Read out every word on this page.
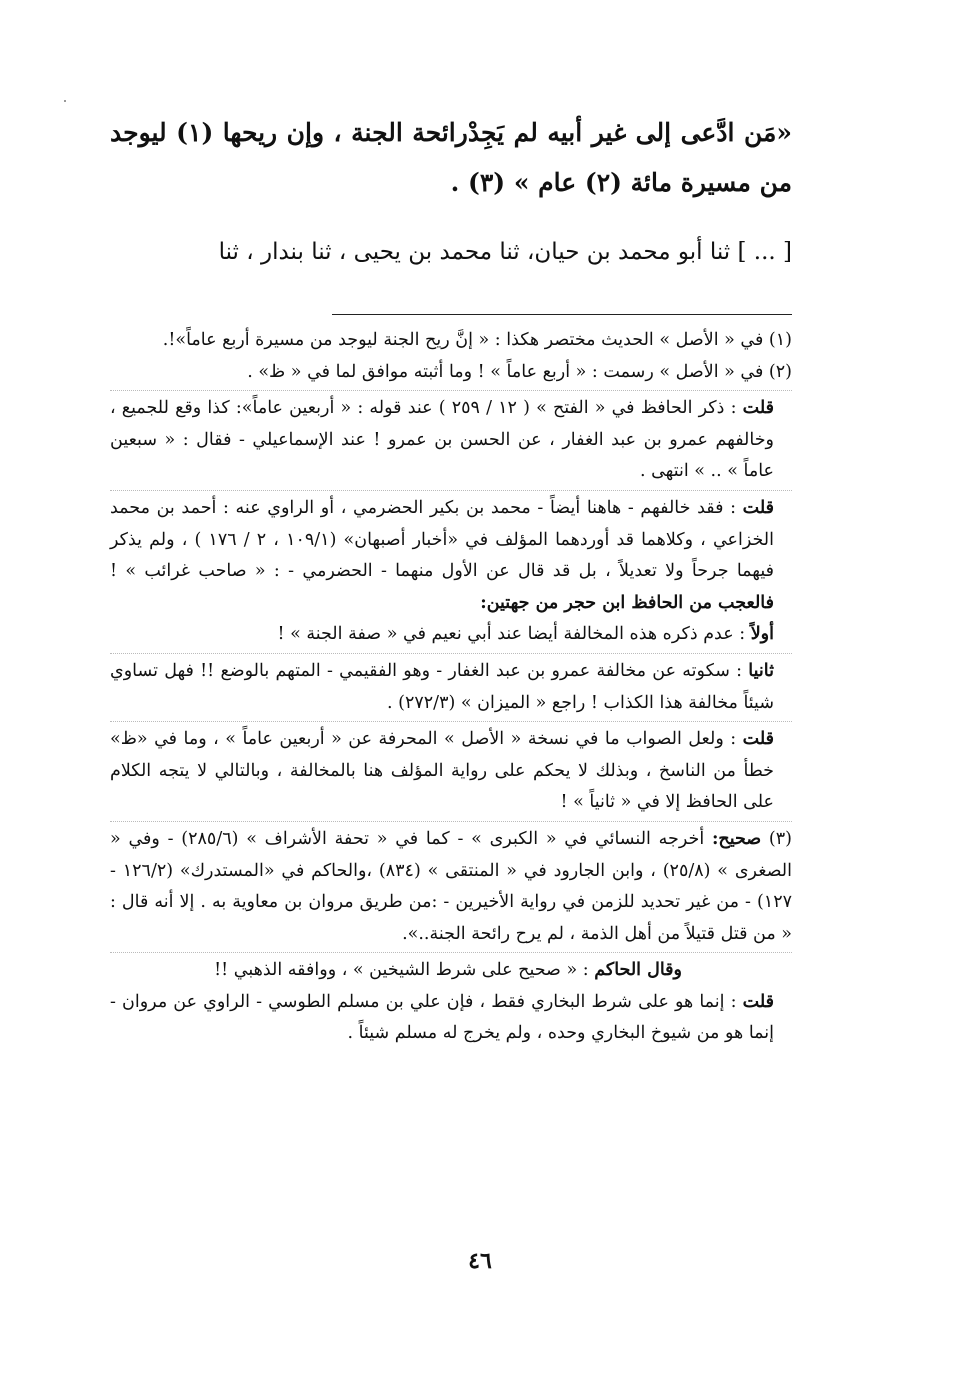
«مَن ادَّعى إلى غير أبيه لم يَجِدْرائحة الجنة ، وإن ريحها (١) ليوجد من مسيرة مائة (٢) عام » (٣) .

[ ... ] ثنا أبو محمد بن حيان، ثنا محمد بن يحيى ، ثنا بندار ، ثنا

(١) في « الأصل » الحديث مختصر هكذا : « إنَّ ريح الجنة ليوجد من مسيرة أربع عاماً»!.

(٢) في « الأصل » رسمت : « أربع عاماً » ! وما أثبته موافق لما في « ظ» .

قلت : ذكر الحافظ في « الفتح » ( ١٢ / ٢٥٩ ) عند قوله : « أربعين عاماً»: كذا وقع للجميع ، وخالفهم عمرو بن عبد الغفار ، عن الحسن بن عمرو ! عند الإسماعيلي - فقال : « سبعين عاماً » .. » انتهى .

قلت : فقد خالفهم - هاهنا أيضاً - محمد بن بكير الحضرمي ، أو الراوي عنه : أحمد بن محمد الخزاعي ، وكلاهما قد أوردهما المؤلف في «أخبار أصبهان» (١٠٩/١ ، ٢ / ١٧٦ ) ، ولم يذكر فيهما جرحاً ولا تعديلاً ، بل قد قال عن الأول منهما - الحضرمي - : « صاحب غرائب » ! فالعجب من الحافظ ابن حجر من جهتين:

أولاً : عدم ذكره هذه المخالفة أيضا عند أبي نعيم في « صفة الجنة » !

ثانيا : سكوته عن مخالفة عمرو بن عبد الغفار - وهو الفقيمي - المتهم بالوضع !! فهل تساوي شيئاً مخالفة هذا الكذاب ! راجع « الميزان » (٢٧٢/٣) .

قلت : ولعل الصواب ما في نسخة « الأصل » المحرفة عن « أربعين عاماً » ، وما في «ظ» خطأ من الناسخ ، وبذلك لا يحكم على رواية المؤلف هنا بالمخالفة ، وبالتالي لا يتجه الكلام على الحافظ إلا في « ثانياً » !

(٣) صحيح: أخرجه النسائي في « الكبرى » - كما في « تحفة الأشراف » (٢٨٥/٦) - وفي « الصغرى » (٢٥/٨) ، وابن الجارود في « المنتقى » (٨٣٤) ،والحاكم في «المستدرك» (١٢٦/٢ - ١٢٧) - من غير تحديد للزمن في رواية الأخيرين - :من طريق مروان بن معاوية به . إلا أنه قال : « من قتل قتيلاً من أهل الذمة ، لم يرح رائحة الجنة..».

وقال الحاكم : « صحيح على شرط الشيخين » ، ووافقه الذهبي !!

قلت : إنما هو على شرط البخاري فقط ، فإن علي بن مسلم الطوسي - الراوي عن مروان - إنما هو من شيوخ البخاري وحده ، ولم يخرج له مسلم شيئاً .

٤٦
